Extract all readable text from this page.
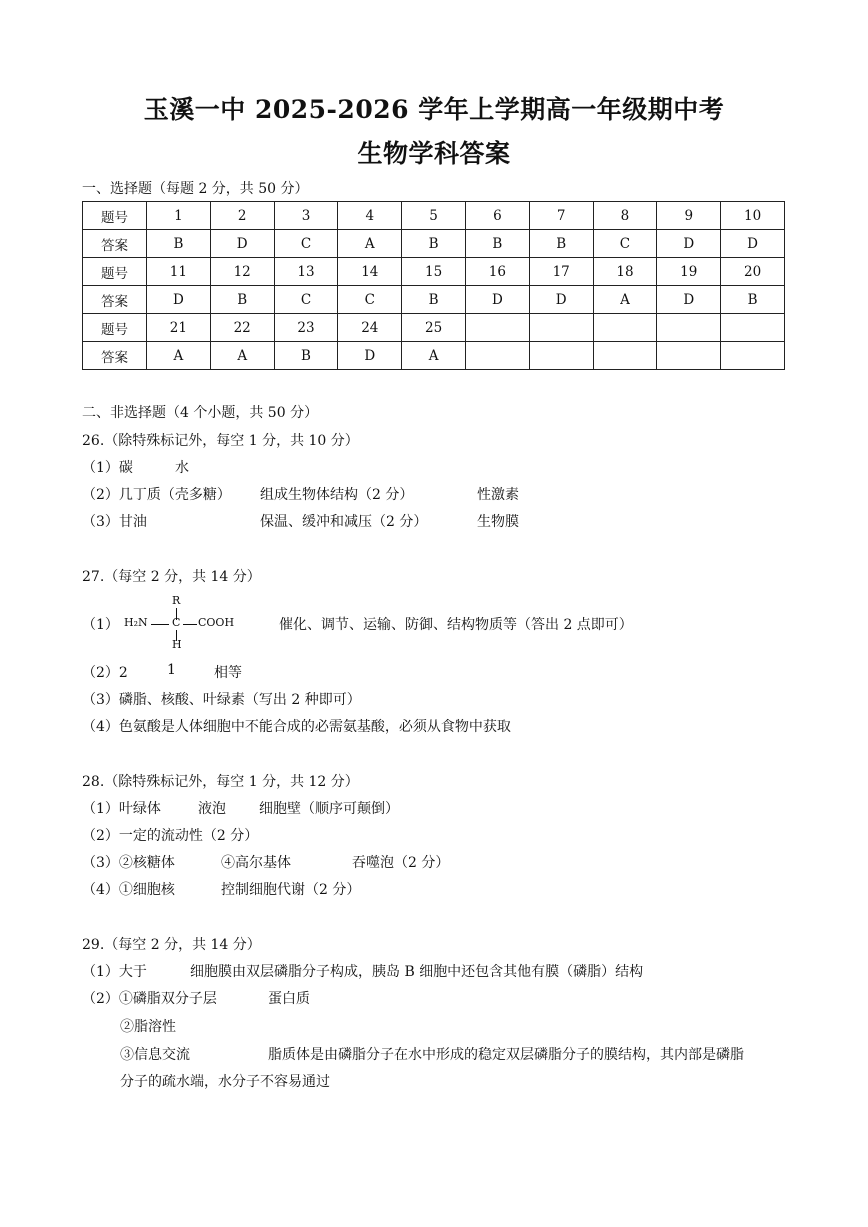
玉溪一中 2025-2026 学年上学期高一年级期中考
生物学科答案
一、选择题（每题 2 分，共 50 分）
题号	1	2	3	4	5	6	7	8	9	10
答案	B	D	C	A	B	B	B	C	D	D
题号	11	12	13	14	15	16	17	18	19	20
答案	D	B	C	C	B	D	D	A	D	B
题号	21	22	23	24	25					
答案	A	A	B	D	A					
二、非选择题（4 个小题，共 50 分）
26.（除特殊标记外，每空 1 分，共 10 分）
（1）碳	水
（2）几丁质（壳多糖） 组成生物体结构（2 分）	性激素
（3）甘油	保温、缓冲和减压（2 分）	生物膜
27.（每空 2 分，共 14 分）
（1）
R
H₂N C COOH
H
催化、调节、运输、防御、结构物质等（答出 2 点即可）
（2）2	1	相等
（3）磷脂、核酸、叶绿素（写出 2 种即可）
（4）色氨酸是人体细胞中不能合成的必需氨基酸，必须从食物中获取
28.（除特殊标记外，每空 1 分，共 12 分）
（1）叶绿体	液泡 细胞壁（顺序可颠倒）
（2）一定的流动性（2 分）
（3）②核糖体	④高尔基体	吞噬泡（2 分）
（4）①细胞核	控制细胞代谢（2 分）
29.（每空 2 分，共 14 分）
（1）大于	细胞膜由双层磷脂分子构成，胰岛 B 细胞中还包含其他有膜（磷脂）结构
（2）①磷脂双分子层	蛋白质
②脂溶性
③信息交流	脂质体是由磷脂分子在水中形成的稳定双层磷脂分子的膜结构，其内部是磷脂
分子的疏水端，水分子不容易通过
